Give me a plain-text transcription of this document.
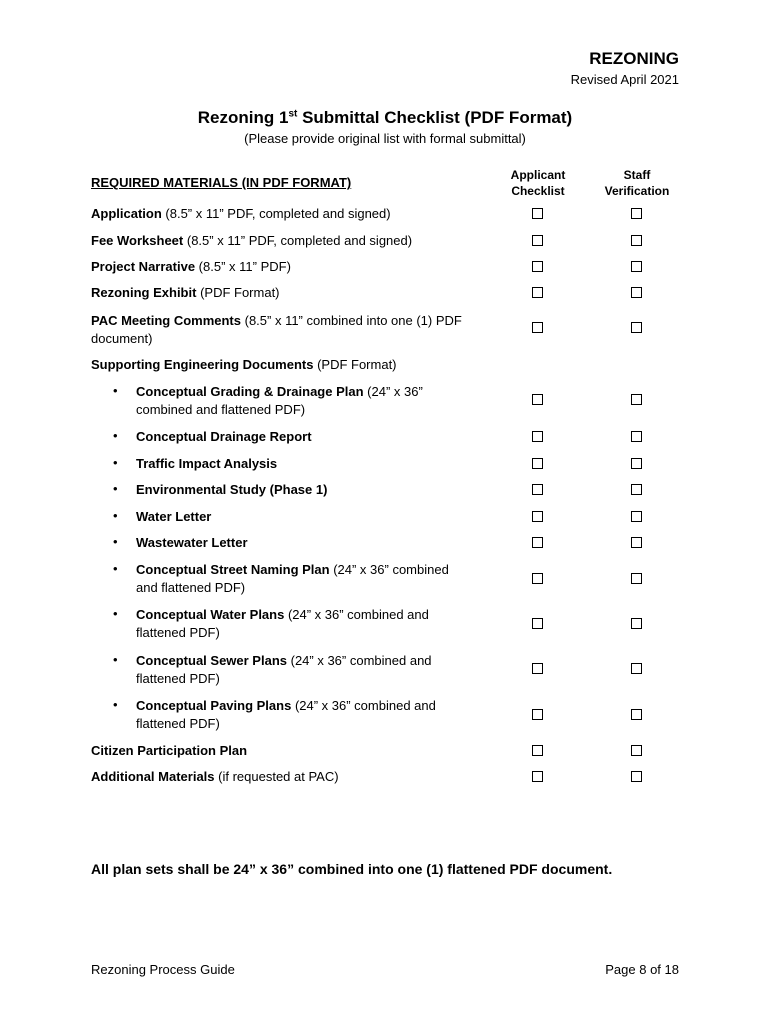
REZONING
Revised April 2021
Rezoning 1st Submittal Checklist (PDF Format)
(Please provide original list with formal submittal)
REQUIRED MATERIALS (IN PDF FORMAT)	Applicant
Checklist
Staff
Verification
Application (8.5” x 11” PDF, completed and signed)
Fee Worksheet (8.5” x 11” PDF, completed and signed)
Project Narrative (8.5” x 11” PDF)
Rezoning Exhibit (PDF Format)
PAC Meeting Comments (8.5” x 11” combined into one (1) PDF document)
Supporting Engineering Documents (PDF Format)
• Conceptual Grading & Drainage Plan (24” x 36” combined and flattened PDF)
• Conceptual Drainage Report
• Traffic Impact Analysis
• Environmental Study (Phase 1)
• Water Letter
• Wastewater Letter
• Conceptual Street Naming Plan (24” x 36” combined and flattened PDF)
• Conceptual Water Plans (24” x 36” combined and flattened PDF)
• Conceptual Sewer Plans (24” x 36” combined and flattened PDF)
• Conceptual Paving Plans (24” x 36” combined and flattened PDF)
Citizen Participation Plan
Additional Materials (if requested at PAC)
All plan sets shall be 24” x 36” combined into one (1) flattened PDF document.
Rezoning Process Guide	Page 8 of 18
